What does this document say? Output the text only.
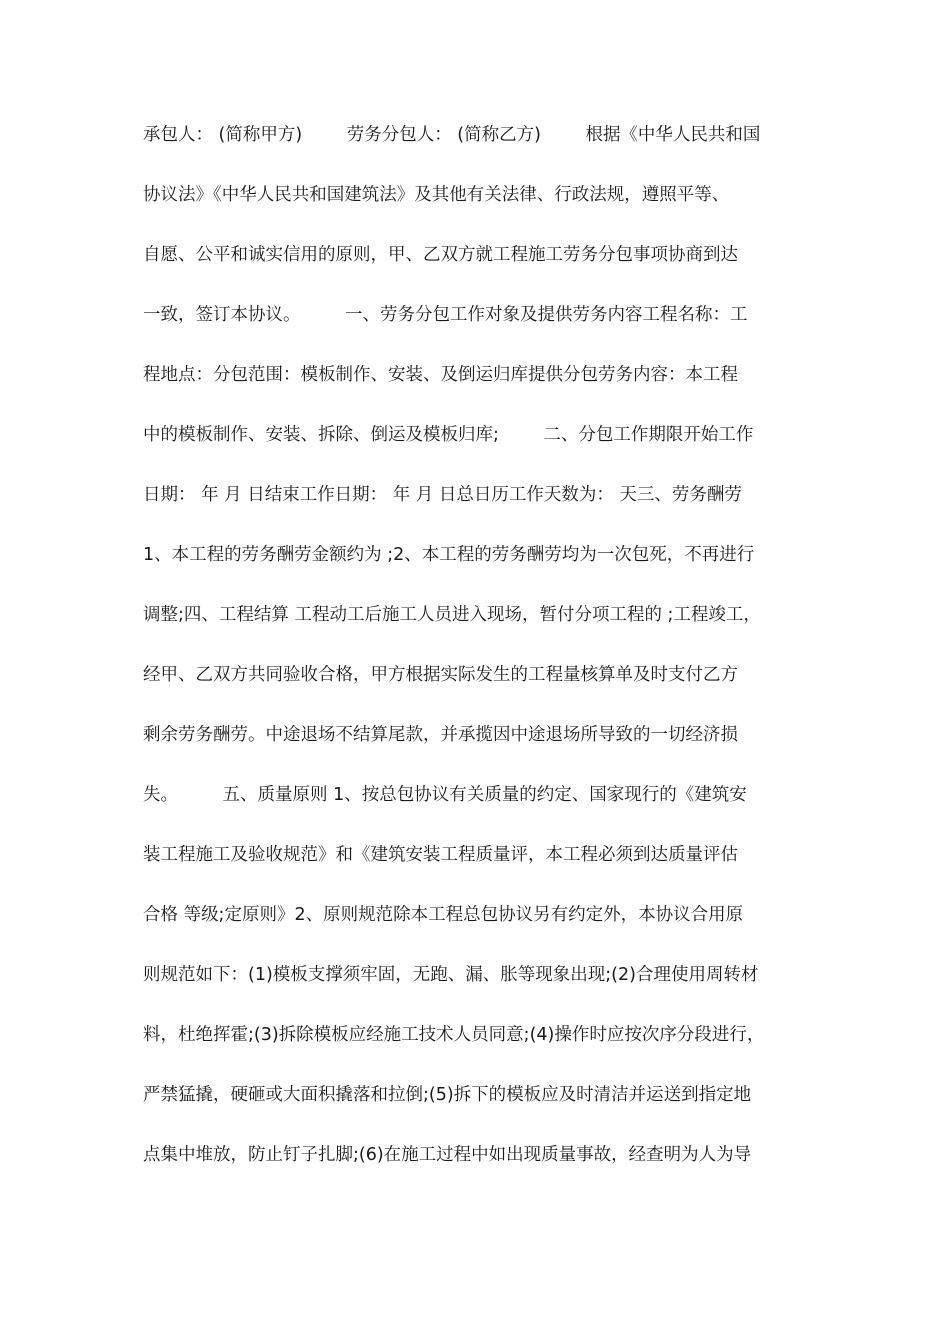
承包人： (简称甲方)        劳务分包人： (简称乙方)        根据《中华人民共和国
协议法》《中华人民共和国建筑法》及其他有关法律、行政法规，遵照平等、
自愿、公平和诚实信用的原则，甲、乙双方就工程施工劳务分包事项协商到达
一致，签订本协议。        一、劳务分包工作对象及提供劳务内容工程名称：工
程地点：分包范围：模板制作、安装、及倒运归库提供分包劳务内容：本工程
中的模板制作、安装、拆除、倒运及模板归库;        二、分包工作期限开始工作
日期： 年 月 日结束工作日期： 年 月 日总日历工作天数为： 天三、劳务酬劳
1、本工程的劳务酬劳金额约为 ;2、本工程的劳务酬劳均为一次包死，不再进行
调整;四、工程结算 工程动工后施工人员进入现场，暂付分项工程的 ;工程竣工，
经甲、乙双方共同验收合格，甲方根据实际发生的工程量核算单及时支付乙方
剩余劳务酬劳。中途退场不结算尾款，并承揽因中途退场所导致的一切经济损
失。        五、质量原则 1、按总包协议有关质量的约定、国家现行的《建筑安
装工程施工及验收规范》和《建筑安装工程质量评，本工程必须到达质量评估
合格 等级;定原则》2、原则规范除本工程总包协议另有约定外，本协议合用原
则规范如下：(1)模板支撑须牢固，无跑、漏、胀等现象出现;(2)合理使用周转材
料，杜绝挥霍;(3)拆除模板应经施工技术人员同意;(4)操作时应按次序分段进行，
严禁猛撬，硬砸或大面积撬落和拉倒;(5)拆下的模板应及时清洁并运送到指定地
点集中堆放，防止钉子扎脚;(6)在施工过程中如出现质量事故，经查明为人为导
